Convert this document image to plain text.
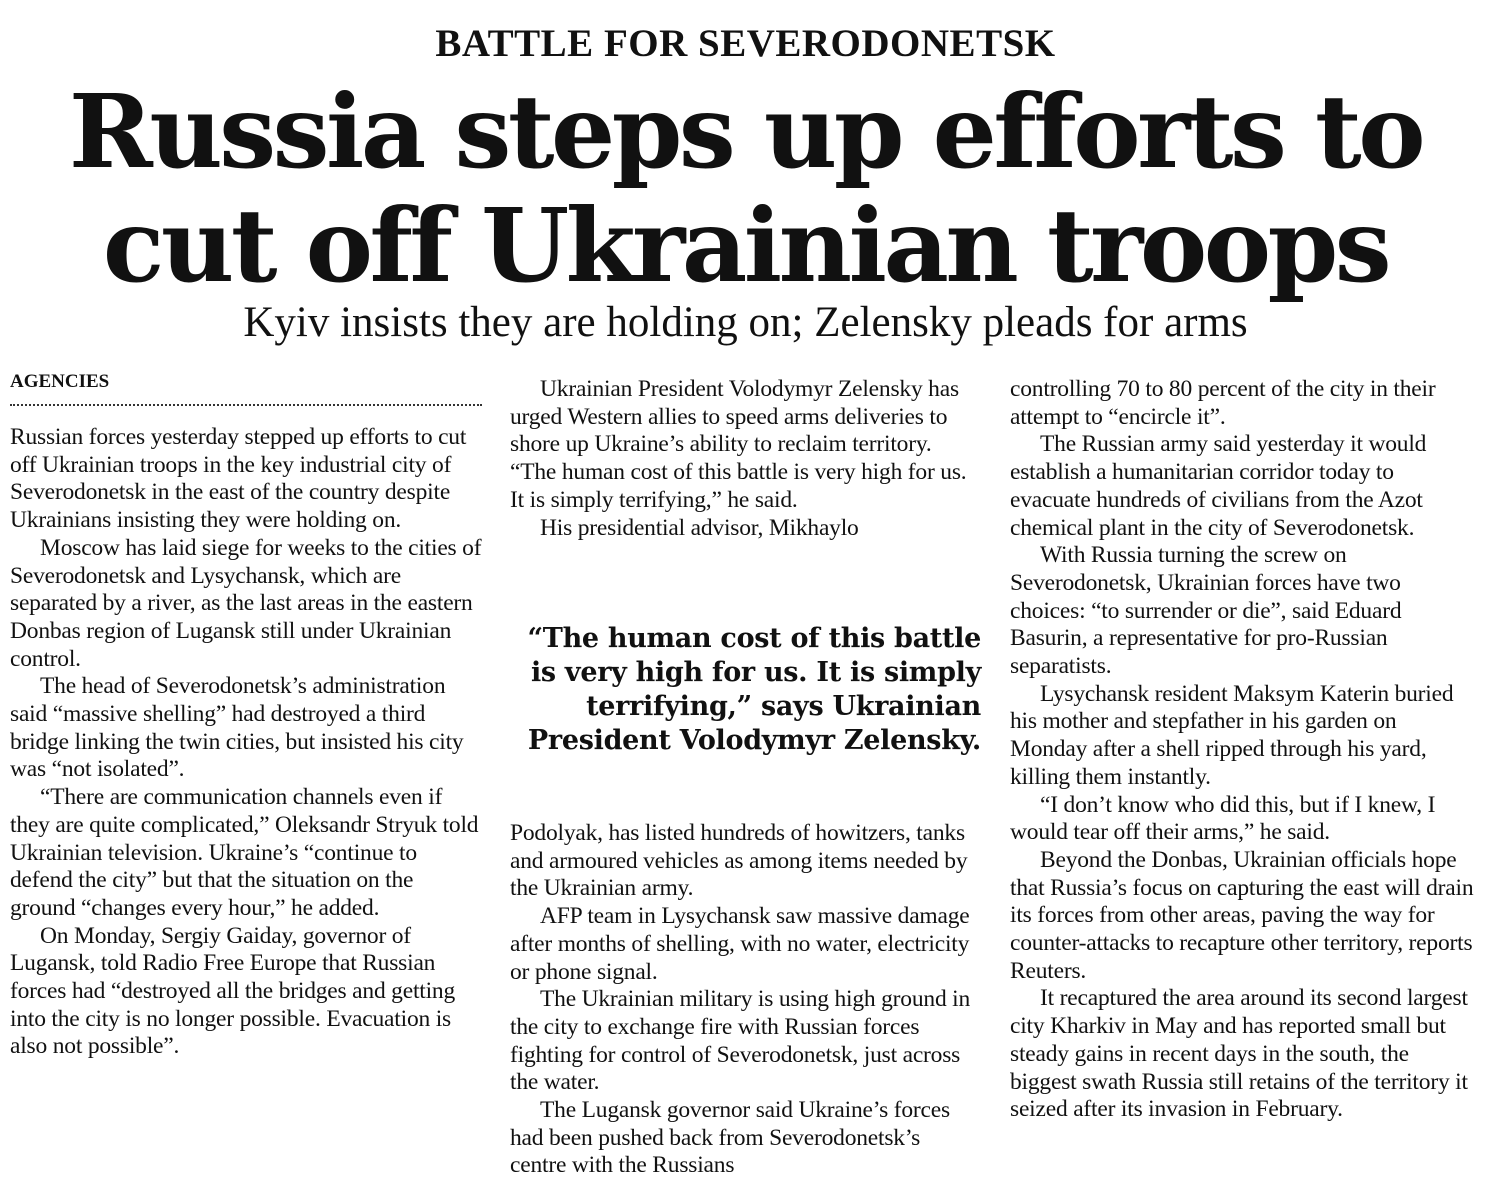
BATTLE FOR SEVERODONETSK
Russia steps up efforts to
cut off Ukrainian troops
Kyiv insists they are holding on; Zelensky pleads for arms
AGENCIES

Russian forces yesterday stepped up efforts to cut off Ukrainian troops in the key industrial city of Severodonetsk in the east of the country despite Ukrainians insisting they were holding on.

Moscow has laid siege for weeks to the cities of Severodonetsk and Lysychansk, which are separated by a river, as the last areas in the eastern Donbas region of Lugansk still under Ukrainian control.

The head of Severodonetsk’s administration said “massive shelling” had destroyed a third bridge linking the twin cities, but insisted his city was “not isolated”.

“There are communication channels even if they are quite complicated,” Oleksandr Stryuk told Ukrainian television. Ukraine’s “continue to defend the city” but that the situation on the ground “changes every hour,” he added.

On Monday, Sergiy Gaiday, governor of Lugansk, told Radio Free Europe that Russian forces had “destroyed all the bridges and getting into the city is no longer possible. Evacuation is also not possible”.

Ukrainian President Volodymyr Zelensky has urged Western allies to speed arms deliveries to shore up Ukraine’s ability to reclaim territory. “The human cost of this battle is very high for us. It is simply terrifying,” he said.

His presidential advisor, Mikhaylo

“The human cost of this battle is very high for us. It is simply terrifying,” says Ukrainian President Volodymyr Zelensky.

Podolyak, has listed hundreds of howitzers, tanks and armoured vehicles as among items needed by the Ukrainian army.

AFP team in Lysychansk saw massive damage after months of shelling, with no water, electricity or phone signal.

The Ukrainian military is using high ground in the city to exchange fire with Russian forces fighting for control of Severodonetsk, just across the water.

The Lugansk governor said Ukraine’s forces had been pushed back from Severodonetsk’s centre with the Russians

controlling 70 to 80 percent of the city in their attempt to “encircle it”.

The Russian army said yesterday it would establish a humanitarian corridor today to evacuate hundreds of civilians from the Azot chemical plant in the city of Severodonetsk.

With Russia turning the screw on Severodonetsk, Ukrainian forces have two choices: “to surrender or die”, said Eduard Basurin, a representative for pro-Russian separatists.

Lysychansk resident Maksym Katerin buried his mother and stepfather in his garden on Monday after a shell ripped through his yard, killing them instantly.

“I don’t know who did this, but if I knew, I would tear off their arms,” he said.

Beyond the Donbas, Ukrainian officials hope that Russia’s focus on capturing the east will drain its forces from other areas, paving the way for counter-attacks to recapture other territory, reports Reuters.

It recaptured the area around its second largest city Kharkiv in May and has reported small but steady gains in recent days in the south, the biggest swath Russia still retains of the territory it seized after its invasion in February.
